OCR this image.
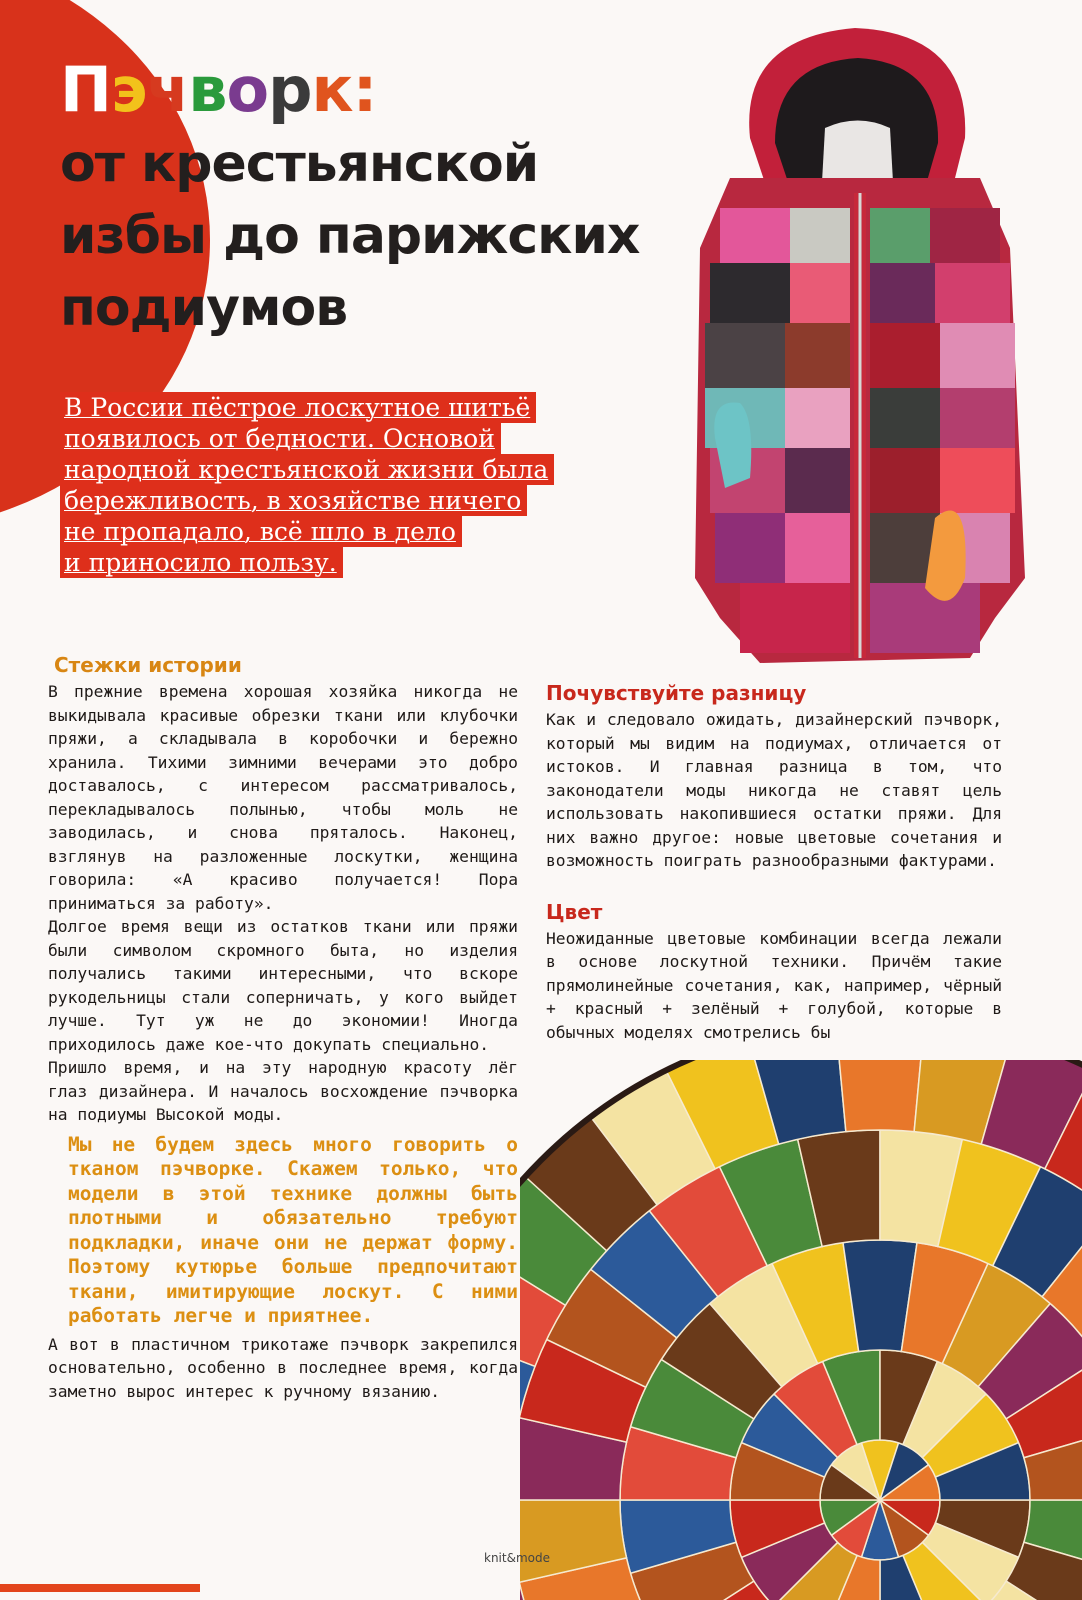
Пэчворк:
от крестьянской
избы до парижских
подиумов
В России пёстрое лоскутное шитьё
появилось от бедности. Основой
народной крестьянской жизни была
бережливость, в хозяйстве ничего
не пропадало, всё шло в дело
и приносило пользу.
Стежки истории

В прежние времена хорошая хозяйка никогда не выкидывала красивые обрезки ткани или клубочки пряжи, а складывала в коробочки и бережно хранила. Тихими зимними вечерами это добро доставалось, с интересом рассматривалось, перекладывалось полынью, чтобы моль не заводилась, и снова пряталось. Наконец, взглянув на разложенные лоскутки, женщина говорила: «А красиво получается! Пора приниматься за работу».

Долгое время вещи из остатков ткани или пряжи были символом скромного быта, но изделия получались такими интересными, что вскоре рукодельницы стали соперничать, у кого выйдет лучше. Тут уж не до экономии! Иногда приходилось даже кое-что докупать специально.

Пришло время, и на эту народную красоту лёг глаз дизайнера. И началось восхождение пэчворка на подиумы Высокой моды.

Мы не будем здесь много говорить о тканом пэчворке. Скажем только, что модели в этой технике должны быть плотными и обязательно требуют подкладки, иначе они не держат форму. Поэтому кутюрье больше предпочитают ткани, имитирующие лоскут. С ними работать легче и приятнее.

А вот в пластичном трикотаже пэчворк закрепился основательно, особенно в последнее время, когда заметно вырос интерес к ручному вязанию.

Почувствуйте разницу

Как и следовало ожидать, дизайнерский пэчворк, который мы видим на подиумах, отличается от истоков. И главная разница в том, что законодатели моды никогда не ставят цель использовать накопившиеся остатки пряжи. Для них важно другое: новые цветовые сочетания и возможность поиграть разнообразными фактурами.

Цвет

Неожиданные цветовые комбинации всегда лежали в основе лоскутной техники. Причём такие прямолинейные сочетания, как, например, чёрный + красный + зелёный + голубой, которые в обычных моделях смотрелись бы

knit&mode
